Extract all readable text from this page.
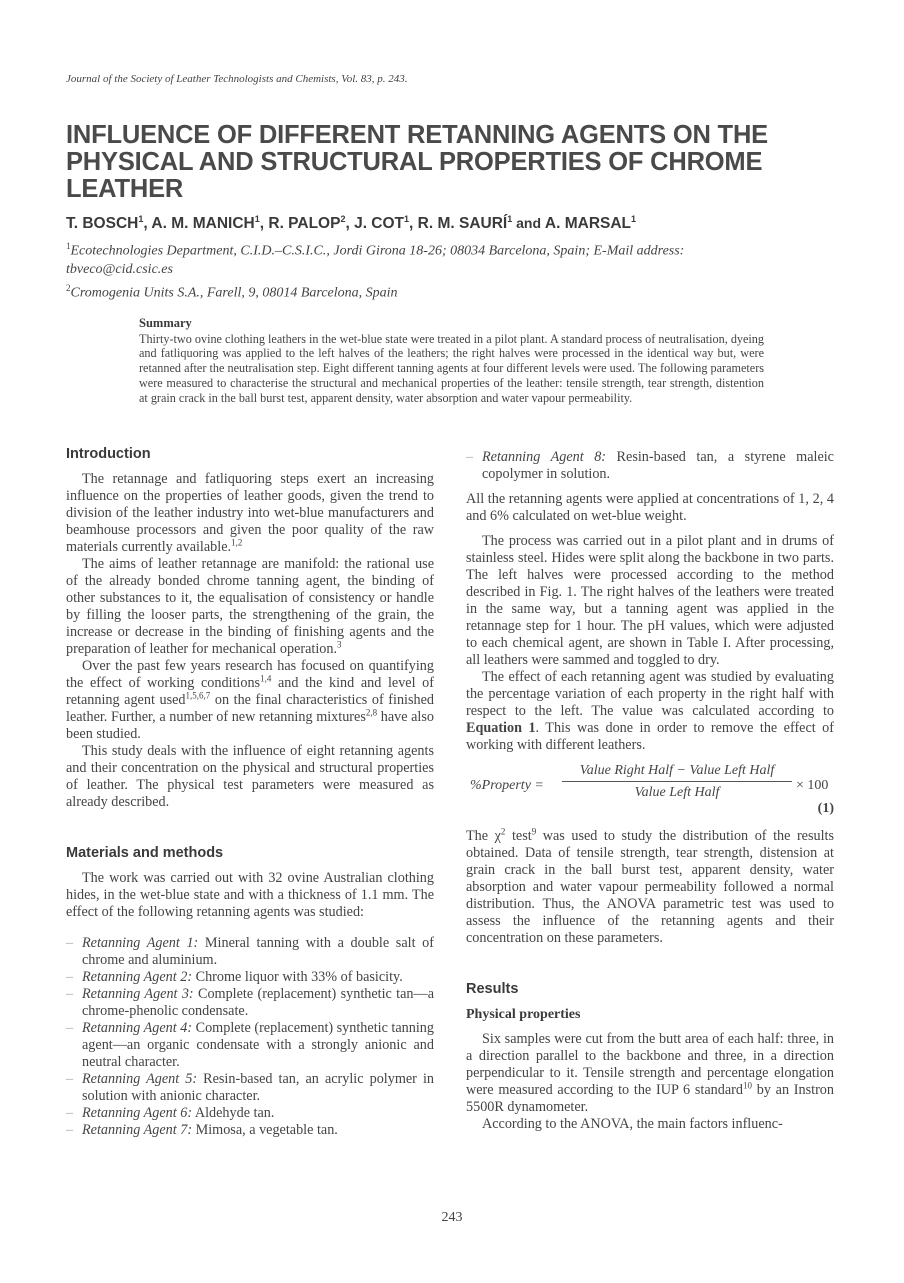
Journal of the Society of Leather Technologists and Chemists, Vol. 83, p. 243.
INFLUENCE OF DIFFERENT RETANNING AGENTS ON THE PHYSICAL AND STRUCTURAL PROPERTIES OF CHROME LEATHER
T. BOSCH$^1$, A. M. MANICH$^1$, R. PALOP$^2$, J. COT$^1$, R. M. SAURÍ$^1$ and A. MARSAL$^1$
$^1$Ecotechnologies Department, C.I.D.–C.S.I.C., Jordi Girona 18-26; 08034 Barcelona, Spain; E-Mail address: tbveco@cid.csic.es
$^2$Cromogenia Units S.A., Farell, 9, 08014 Barcelona, Spain
Summary

Thirty-two ovine clothing leathers in the wet-blue state were treated in a pilot plant. A standard process of neutralisation, dyeing and fatliquoring was applied to the left halves of the leathers; the right halves were processed in the identical way but, were retanned after the neutralisation step. Eight different tanning agents at four different levels were used. The following parameters were measured to characterise the structural and mechanical properties of the leather: tensile strength, tear strength, distention at grain crack in the ball burst test, apparent density, water absorption and water vapour permeability.

Introduction

The retannage and fatliquoring steps exert an increasing influence on the properties of leather goods, given the trend to division of the leather industry into wet-blue manufacturers and beamhouse processors and given the poor quality of the raw materials currently available.$^{1,2}$

The aims of leather retannage are manifold: the rational use of the already bonded chrome tanning agent, the binding of other substances to it, the equalisation of consistency or handle by filling the looser parts, the strengthening of the grain, the increase or decrease in the binding of finishing agents and the preparation of leather for mechanical operation.$^3$

Over the past few years research has focused on quantifying the effect of working conditions$^{1,4}$ and the kind and level of retanning agent used$^{1,5,6,7}$ on the final characteristics of finished leather. Further, a number of new retanning mixtures$^{2,8}$ have also been studied.

This study deals with the influence of eight retanning agents and their concentration on the physical and structural properties of leather. The physical test parameters were measured as already described.

Materials and methods

The work was carried out with 32 ovine Australian clothing hides, in the wet-blue state and with a thickness of 1.1 mm. The effect of the following retanning agents was studied:

– Retanning Agent 1: Mineral tanning with a double salt of chrome and aluminium.
– Retanning Agent 2: Chrome liquor with 33% of basicity.
– Retanning Agent 3: Complete (replacement) synthetic tan—a chrome-phenolic condensate.
– Retanning Agent 4: Complete (replacement) synthetic tanning agent—an organic condensate with a strongly anionic and neutral character.
– Retanning Agent 5: Resin-based tan, an acrylic polymer in solution with anionic character.
– Retanning Agent 6: Aldehyde tan.
– Retanning Agent 7: Mimosa, a vegetable tan.
– Retanning Agent 8: Resin-based tan, a styrene maleic copolymer in solution.

All the retanning agents were applied at concentrations of 1, 2, 4 and 6% calculated on wet-blue weight.

The process was carried out in a pilot plant and in drums of stainless steel. Hides were split along the backbone in two parts. The left halves were processed according to the method described in Fig. 1. The right halves of the leathers were treated in the same way, but a tanning agent was applied in the retannage step for 1 hour. The pH values, which were adjusted to each chemical agent, are shown in Table I. After processing, all leathers were sammed and toggled to dry.

The effect of each retanning agent was studied by evaluating the percentage variation of each property in the right half with respect to the left. The value was calculated according to Equation 1. This was done in order to remove the effect of working with different leathers.

%Property =
Value Right Half − Value Left Half
Value Left Half	× 100
(1)

The χ$^2$ test$^9$ was used to study the distribution of the results obtained. Data of tensile strength, tear strength, distension at grain crack in the ball burst test, apparent density, water absorption and water vapour permeability followed a normal distribution. Thus, the ANOVA parametric test was used to assess the influence of the retanning agents and their concentration on these parameters.

Results
Physical properties

Six samples were cut from the butt area of each half: three, in a direction parallel to the backbone and three, in a direction perpendicular to it. Tensile strength and percentage elongation were measured according to the IUP 6 standard$^{10}$ by an Instron 5500R dynamometer.

According to the ANOVA, the main factors influenc-

243
